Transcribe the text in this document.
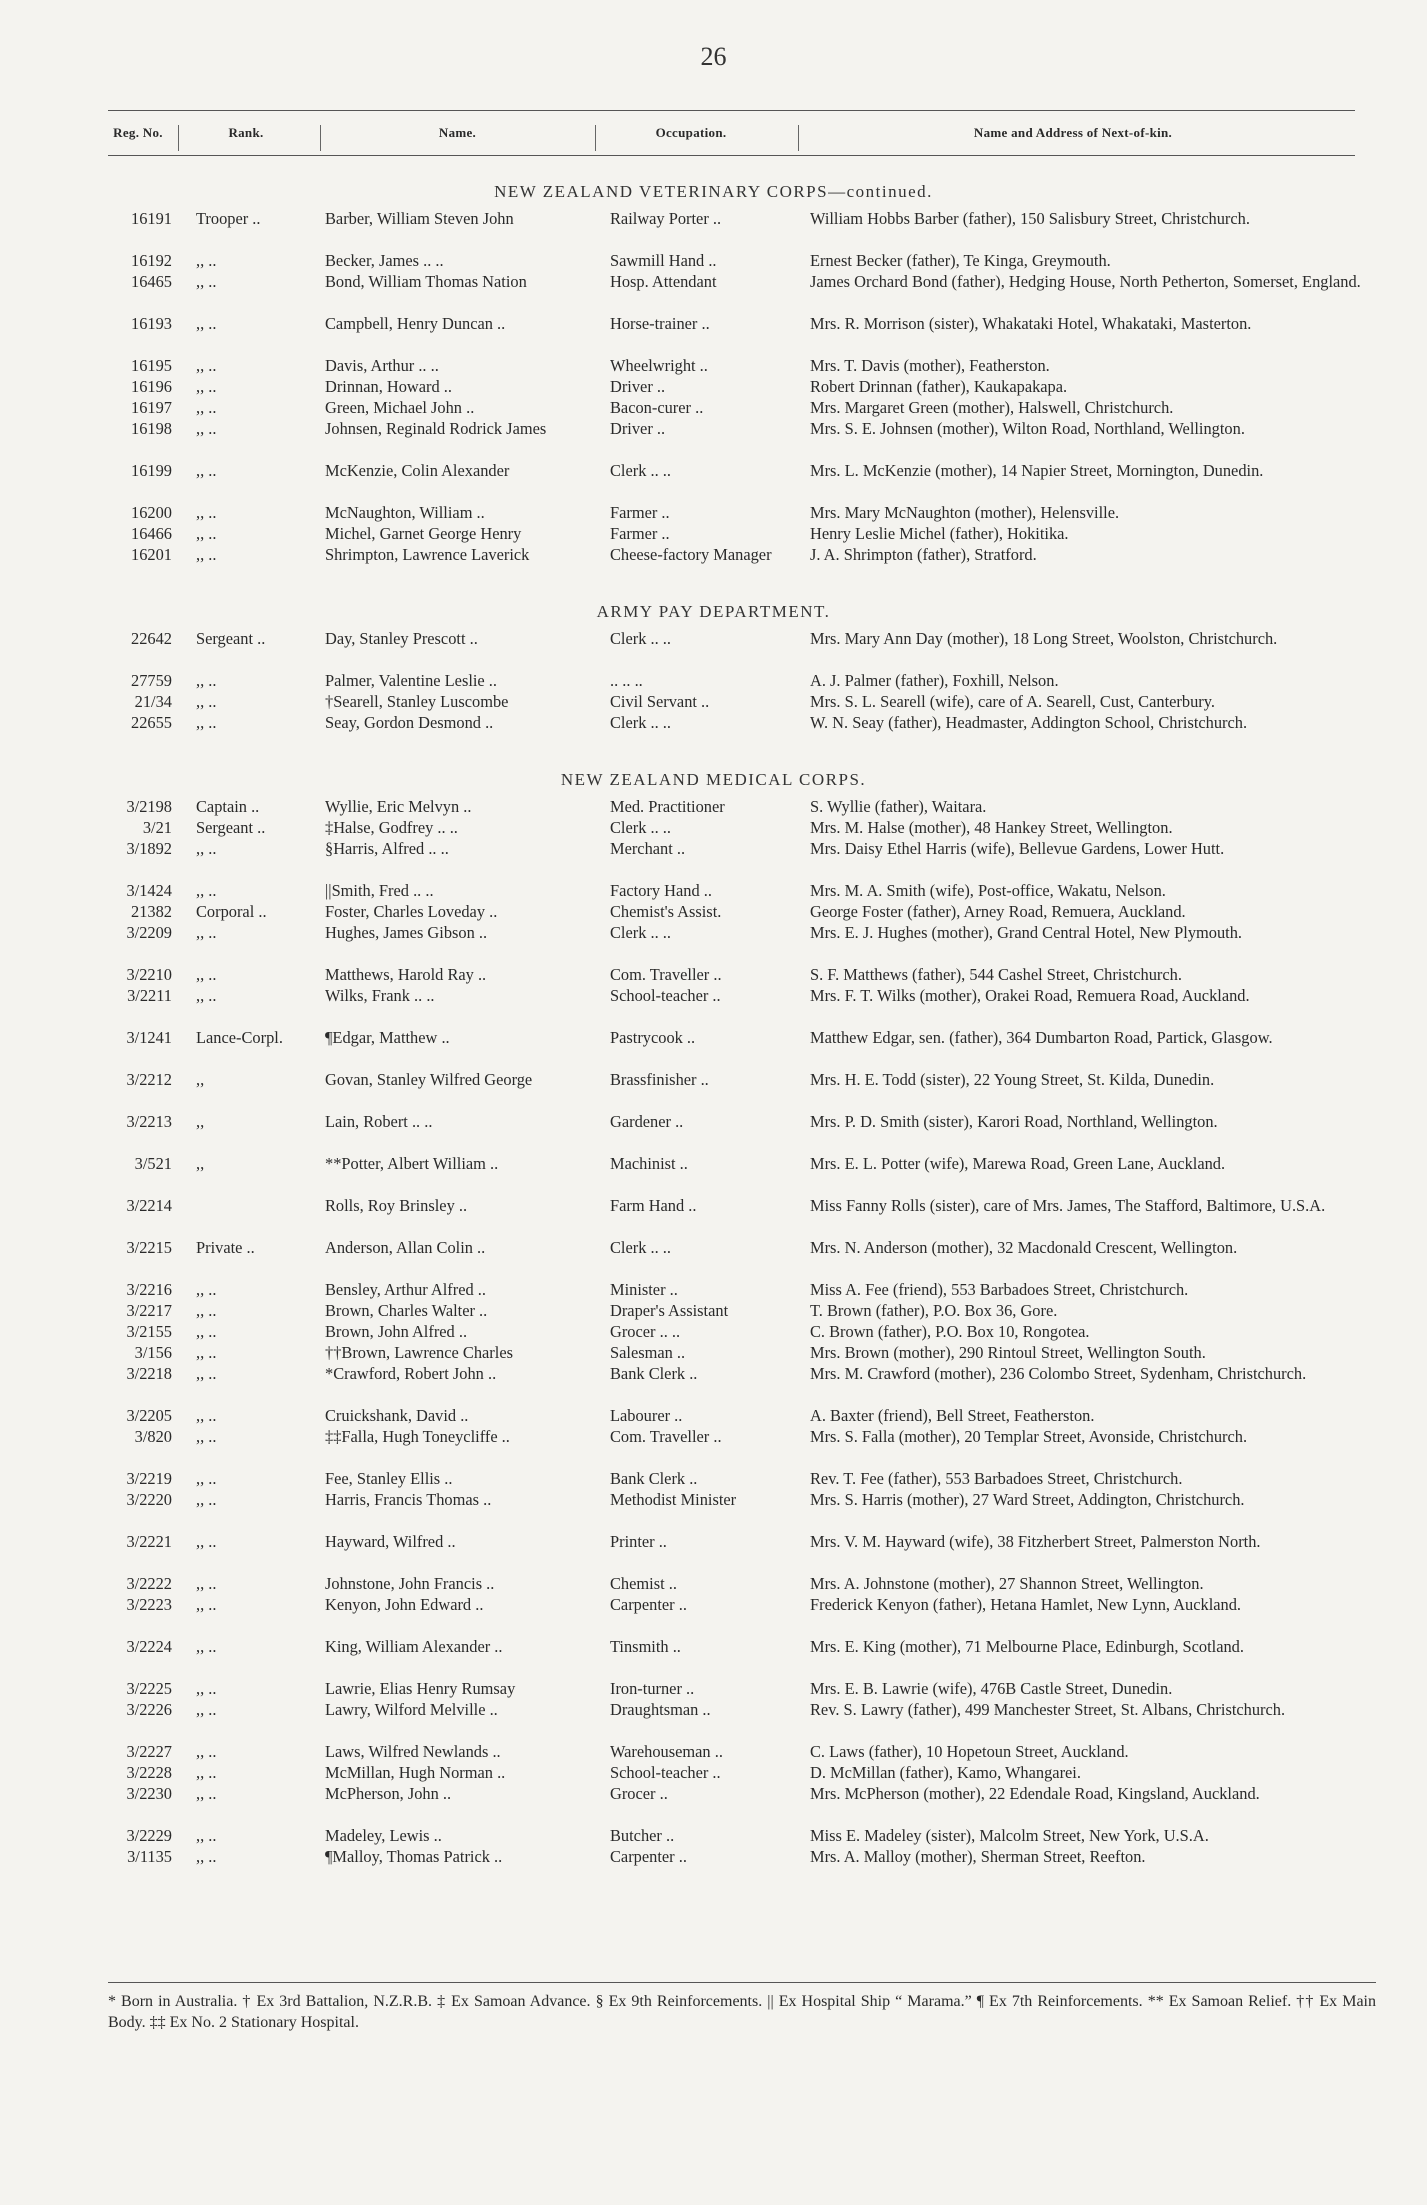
26
Reg. No.	Rank.	Name.	Occupation.	Name and Address of Next-of-kin.
NEW ZEALAND VETERINARY CORPS—continued.
16191 Trooper ..	Barber, William Steven John	Railway Porter ..	William Hobbs Barber (father), 150 Salisbury Street, Christchurch.
16192 ,, ..	Becker, James .. ..	Sawmill Hand ..	Ernest Becker (father), Te Kinga, Greymouth.
16465 ,, ..	Bond, William Thomas Nation	Hosp. Attendant	James Orchard Bond (father), Hedging House, North Petherton, Somerset, England.
16193 ,, ..	Campbell, Henry Duncan ..	Horse-trainer ..	Mrs. R. Morrison (sister), Whakataki Hotel, Whakataki, Masterton.
16195 ,, ..	Davis, Arthur .. ..	Wheelwright ..	Mrs. T. Davis (mother), Featherston.
16196 ,, ..	Drinnan, Howard ..	Driver ..	Robert Drinnan (father), Kaukapakapa.
16197 ,, ..	Green, Michael John ..	Bacon-curer ..	Mrs. Margaret Green (mother), Halswell, Christchurch.
16198 ,, ..	Johnsen, Reginald Rodrick James	Driver ..	Mrs. S. E. Johnsen (mother), Wilton Road, Northland, Wellington.
16199 ,, ..	McKenzie, Colin Alexander	Clerk .. ..	Mrs. L. McKenzie (mother), 14 Napier Street, Mornington, Dunedin.
16200 ,, ..	McNaughton, William ..	Farmer ..	Mrs. Mary McNaughton (mother), Helensville.
16466 ,, ..	Michel, Garnet George Henry	Farmer ..	Henry Leslie Michel (father), Hokitika.
16201 ,, ..	Shrimpton, Lawrence Laverick	Cheese-factory Manager	J. A. Shrimpton (father), Stratford.
ARMY PAY DEPARTMENT.
22642 Sergeant ..	Day, Stanley Prescott ..	Clerk .. ..	Mrs. Mary Ann Day (mother), 18 Long Street, Woolston, Christchurch.
27759 ,, ..	Palmer, Valentine Leslie ..	.. .. ..	A. J. Palmer (father), Foxhill, Nelson.
21/34 ,, ..	†Searell, Stanley Luscombe	Civil Servant ..	Mrs. S. L. Searell (wife), care of A. Searell, Cust, Canterbury.
22655 ,, ..	Seay, Gordon Desmond ..	Clerk .. ..	W. N. Seay (father), Headmaster, Addington School, Christchurch.
NEW ZEALAND MEDICAL CORPS.
3/2198 Captain ..	Wyllie, Eric Melvyn ..	Med. Practitioner	S. Wyllie (father), Waitara.
3/21 Sergeant ..	‡Halse, Godfrey .. ..	Clerk .. ..	Mrs. M. Halse (mother), 48 Hankey Street, Wellington.
3/1892 ,, ..	§Harris, Alfred .. ..	Merchant ..	Mrs. Daisy Ethel Harris (wife), Bellevue Gardens, Lower Hutt.
3/1424 ,, ..	||Smith, Fred .. ..	Factory Hand ..	Mrs. M. A. Smith (wife), Post-office, Wakatu, Nelson.
21382 Corporal ..	Foster, Charles Loveday ..	Chemist's Assist.	George Foster (father), Arney Road, Remuera, Auckland.
3/2209 ,, ..	Hughes, James Gibson ..	Clerk .. ..	Mrs. E. J. Hughes (mother), Grand Central Hotel, New Plymouth.
3/2210 ,, ..	Matthews, Harold Ray ..	Com. Traveller ..	S. F. Matthews (father), 544 Cashel Street, Christchurch.
3/2211 ,, ..	Wilks, Frank .. ..	School-teacher ..	Mrs. F. T. Wilks (mother), Orakei Road, Remuera Road, Auckland.
3/1241 Lance-Corpl.	¶Edgar, Matthew ..	Pastrycook ..	Matthew Edgar, sen. (father), 364 Dumbarton Road, Partick, Glasgow.
3/2212 ,,	Govan, Stanley Wilfred George	Brassfinisher ..	Mrs. H. E. Todd (sister), 22 Young Street, St. Kilda, Dunedin.
3/2213 ,,	Lain, Robert .. ..	Gardener ..	Mrs. P. D. Smith (sister), Karori Road, Northland, Wellington.
3/521 ,,	**Potter, Albert William ..	Machinist ..	Mrs. E. L. Potter (wife), Marewa Road, Green Lane, Auckland.
3/2214	Rolls, Roy Brinsley ..	Farm Hand ..	Miss Fanny Rolls (sister), care of Mrs. James, The Stafford, Baltimore, U.S.A.
3/2215 Private ..	Anderson, Allan Colin ..	Clerk .. ..	Mrs. N. Anderson (mother), 32 Macdonald Crescent, Wellington.
3/2216 ,, ..	Bensley, Arthur Alfred ..	Minister ..	Miss A. Fee (friend), 553 Barbadoes Street, Christchurch.
3/2217 ,, ..	Brown, Charles Walter ..	Draper's Assistant	T. Brown (father), P.O. Box 36, Gore.
3/2155 ,, ..	Brown, John Alfred ..	Grocer .. ..	C. Brown (father), P.O. Box 10, Rongotea.
3/156 ,, ..	††Brown, Lawrence Charles	Salesman ..	Mrs. Brown (mother), 290 Rintoul Street, Wellington South.
3/2218 ,, ..	*Crawford, Robert John ..	Bank Clerk ..	Mrs. M. Crawford (mother), 236 Colombo Street, Sydenham, Christchurch.
3/2205 ,, ..	Cruickshank, David ..	Labourer ..	A. Baxter (friend), Bell Street, Featherston.
3/820 ,, ..	‡‡Falla, Hugh Toneycliffe ..	Com. Traveller ..	Mrs. S. Falla (mother), 20 Templar Street, Avonside, Christchurch.
3/2219 ,, ..	Fee, Stanley Ellis ..	Bank Clerk ..	Rev. T. Fee (father), 553 Barbadoes Street, Christchurch.
3/2220 ,, ..	Harris, Francis Thomas ..	Methodist Minister	Mrs. S. Harris (mother), 27 Ward Street, Addington, Christchurch.
3/2221 ,, ..	Hayward, Wilfred ..	Printer ..	Mrs. V. M. Hayward (wife), 38 Fitzherbert Street, Palmerston North.
3/2222 ,, ..	Johnstone, John Francis ..	Chemist ..	Mrs. A. Johnstone (mother), 27 Shannon Street, Wellington.
3/2223 ,, ..	Kenyon, John Edward ..	Carpenter ..	Frederick Kenyon (father), Hetana Hamlet, New Lynn, Auckland.
3/2224 ,, ..	King, William Alexander ..	Tinsmith ..	Mrs. E. King (mother), 71 Melbourne Place, Edinburgh, Scotland.
3/2225 ,, ..	Lawrie, Elias Henry Rumsay	Iron-turner ..	Mrs. E. B. Lawrie (wife), 476B Castle Street, Dunedin.
3/2226 ,, ..	Lawry, Wilford Melville ..	Draughtsman ..	Rev. S. Lawry (father), 499 Manchester Street, St. Albans, Christchurch.
3/2227 ,, ..	Laws, Wilfred Newlands ..	Warehouseman ..	C. Laws (father), 10 Hopetoun Street, Auckland.
3/2228 ,, ..	McMillan, Hugh Norman ..	School-teacher ..	D. McMillan (father), Kamo, Whangarei.
3/2230 ,, ..	McPherson, John ..	Grocer ..	Mrs. McPherson (mother), 22 Edendale Road, Kingsland, Auckland.
3/2229 ,, ..	Madeley, Lewis ..	Butcher ..	Miss E. Madeley (sister), Malcolm Street, New York, U.S.A.
3/1135 ,, ..	¶Malloy, Thomas Patrick ..	Carpenter ..	Mrs. A. Malloy (mother), Sherman Street, Reefton.
* Born in Australia. † Ex 3rd Battalion, N.Z.R.B. ‡ Ex Samoan Advance. § Ex 9th Reinforcements. || Ex Hospital Ship “ Marama.” ¶ Ex 7th Reinforcements. ** Ex Samoan Relief. †† Ex Main Body. ‡‡ Ex No. 2 Stationary Hospital.
